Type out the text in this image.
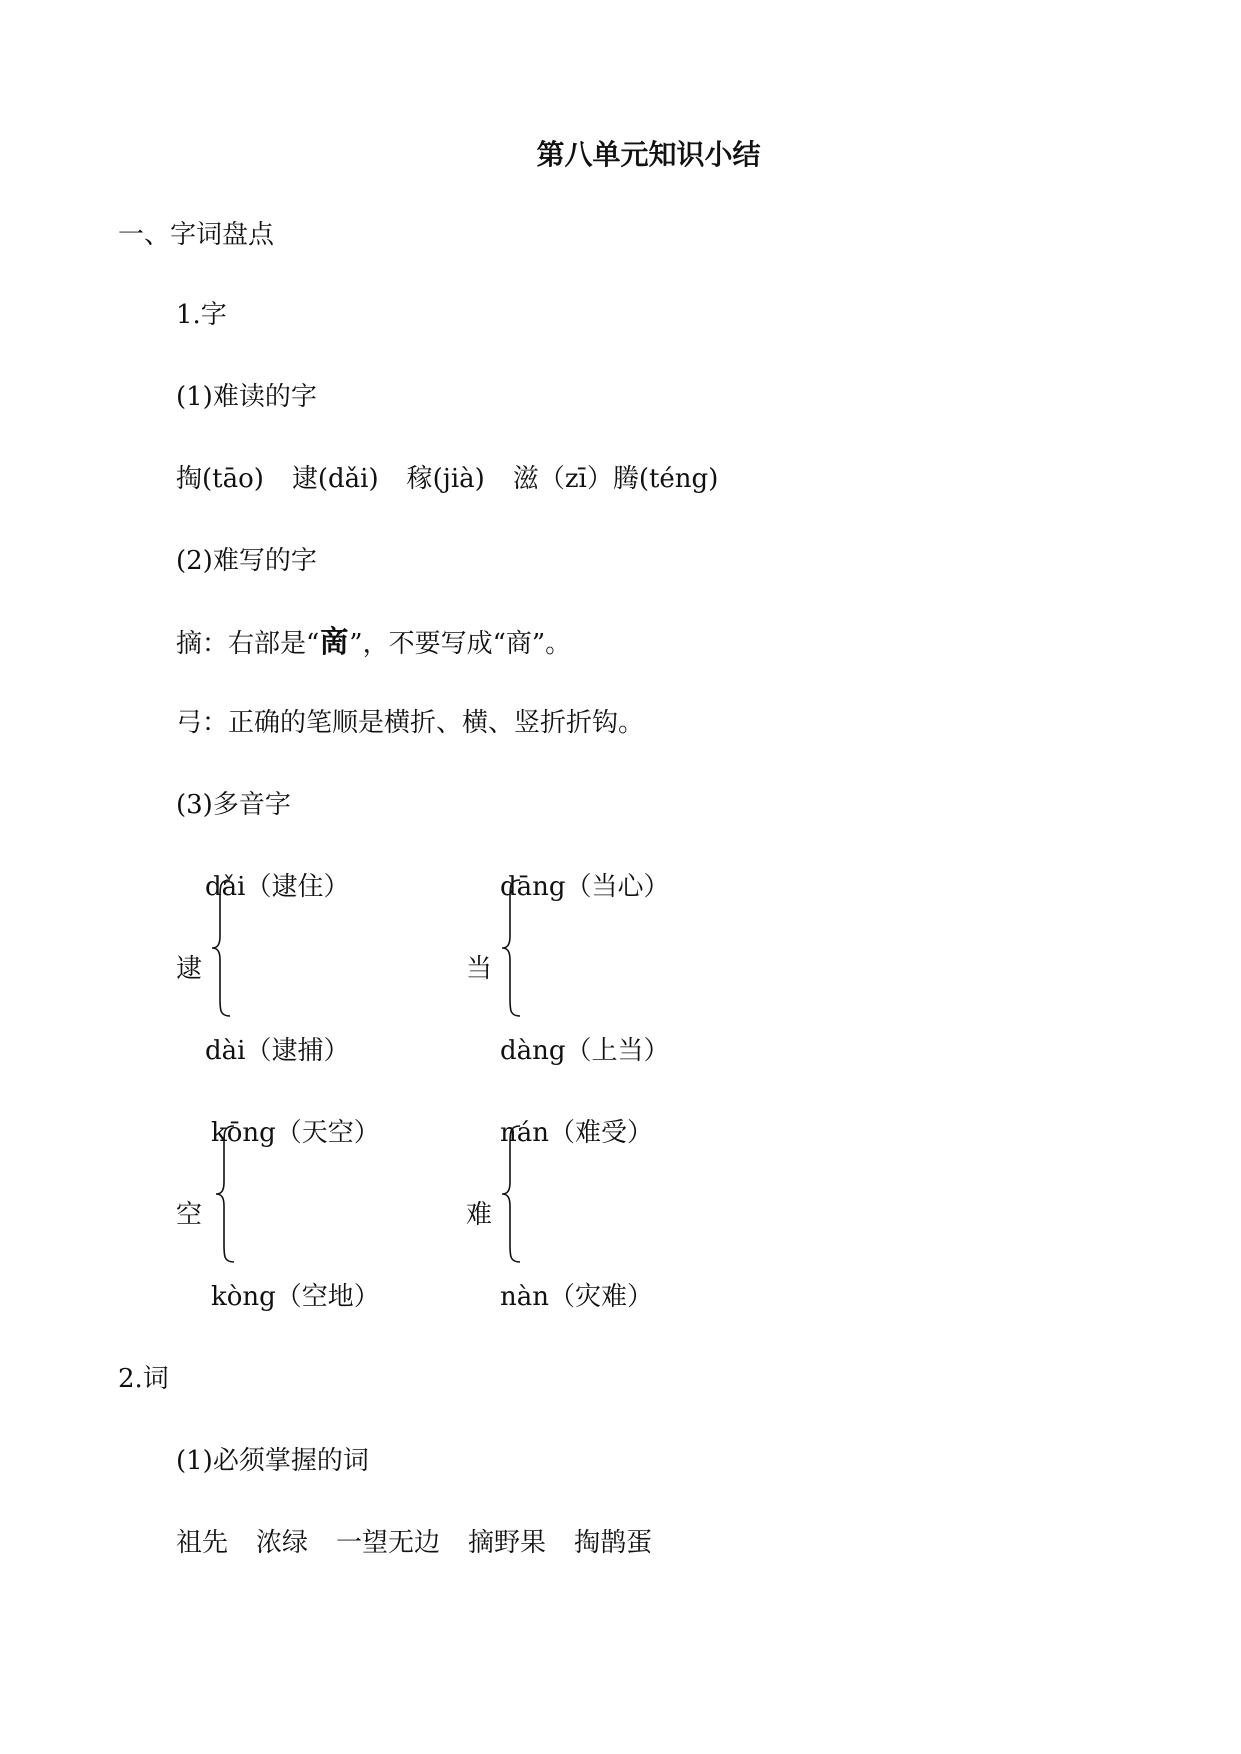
第八单元知识小结
一、字词盘点
1.字
(1)难读的字
掏(tāo) 逮(dǎi) 稼(jià) 滋（zī）腾(téng)
(2)难写的字
摘：右部是“啇”，不要写成“商”。
弓：正确的笔顺是横折、横、竖折折钩。
(3)多音字
dǎi（逮住）
逮
dài（逮捕）
dāng（当心）
当
dàng（上当）
kōng（天空）
空
kòng（空地）
nán（难受）
难
nàn（灾难）
2.词
(1)必须掌握的词
祖先 浓绿 一望无边 摘野果 掏鹊蛋
